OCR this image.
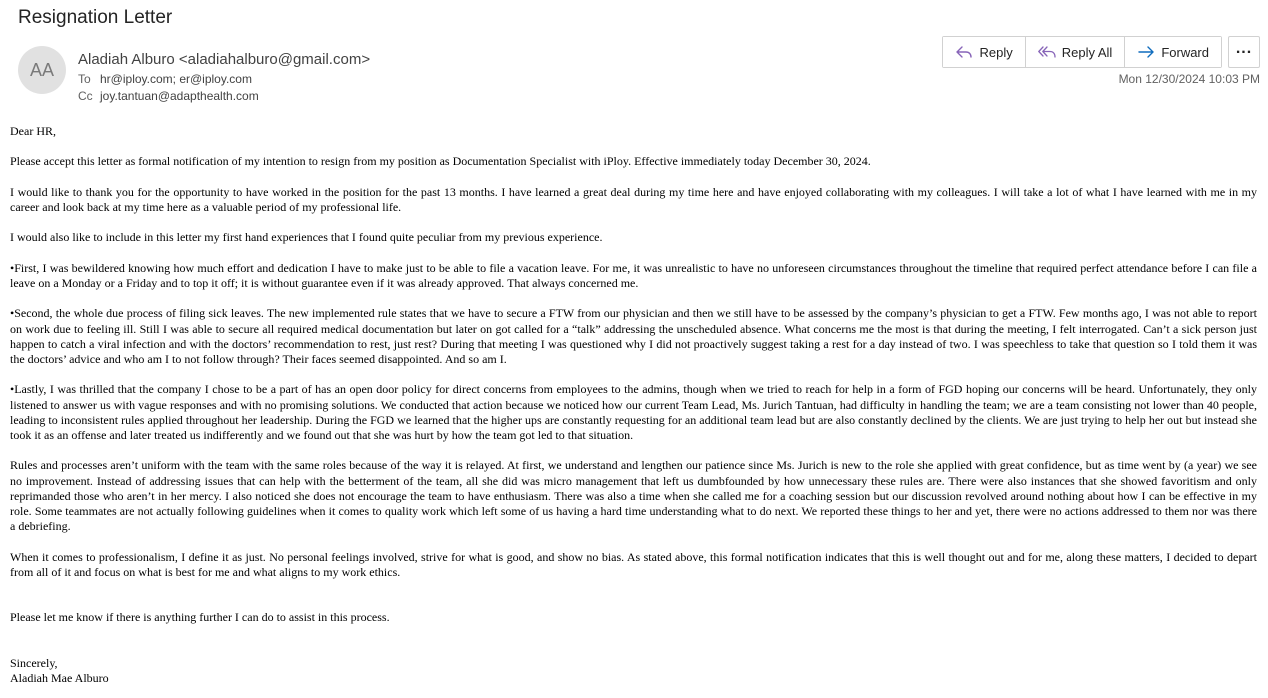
Resignation Letter
AA	Aladiah Alburo <aladiahalburo@gmail.com>
To hr@iploy.com; er@iploy.com
Cc joy.tantuan@adapthealth.com
Reply	Reply All	Forward ...
Mon 12/30/2024 10:03 PM

Dear HR,

Please accept this letter as formal notification of my intention to resign from my position as Documentation Specialist with iPloy. Effective immediately today December 30, 2024.

I would like to thank you for the opportunity to have worked in the position for the past 13 months. I have learned a great deal during my time here and have enjoyed collaborating with my colleagues. I will take a lot of what I have learned with me in my career and look back at my time here as a valuable period of my professional life.

I would also like to include in this letter my first hand experiences that I found quite peculiar from my previous experience.

•First, I was bewildered knowing how much effort and dedication I have to make just to be able to file a vacation leave. For me, it was unrealistic to have no unforeseen circumstances throughout the timeline that required perfect attendance before I can file a leave on a Monday or a Friday and to top it off; it is without guarantee even if it was already approved. That always concerned me.

•Second, the whole due process of filing sick leaves. The new implemented rule states that we have to secure a FTW from our physician and then we still have to be assessed by the company’s physician to get a FTW. Few months ago, I was not able to report on work due to feeling ill. Still I was able to secure all required medical documentation but later on got called for a “talk” addressing the unscheduled absence. What concerns me the most is that during the meeting, I felt interrogated. Can’t a sick person just happen to catch a viral infection and with the doctors’ recommendation to rest, just rest? During that meeting I was questioned why I did not proactively suggest taking a rest for a day instead of two. I was speechless to take that question so I told them it was the doctors’ advice and who am I to not follow through? Their faces seemed disappointed. And so am I.

•Lastly, I was thrilled that the company I chose to be a part of has an open door policy for direct concerns from employees to the admins, though when we tried to reach for help in a form of FGD hoping our concerns will be heard. Unfortunately, they only listened to answer us with vague responses and with no promising solutions. We conducted that action because we noticed how our current Team Lead, Ms. Jurich Tantuan, had difficulty in handling the team; we are a team consisting not lower than 40 people, leading to inconsistent rules applied throughout her leadership. During the FGD we learned that the higher ups are constantly requesting for an additional team lead but are also constantly declined by the clients. We are just trying to help her out but instead she took it as an offense and later treated us indifferently and we found out that she was hurt by how the team got led to that situation.

Rules and processes aren’t uniform with the team with the same roles because of the way it is relayed. At first, we understand and lengthen our patience since Ms. Jurich is new to the role she applied with great confidence, but as time went by (a year) we see no improvement. Instead of addressing issues that can help with the betterment of the team, all she did was micro management that left us dumbfounded by how unnecessary these rules are. There were also instances that she showed favoritism and only reprimanded those who aren’t in her mercy. I also noticed she does not encourage the team to have enthusiasm. There was also a time when she called me for a coaching session but our discussion revolved around nothing about how I can be effective in my role. Some teammates are not actually following guidelines when it comes to quality work which left some of us having a hard time understanding what to do next. We reported these things to her and yet, there were no actions addressed to them nor was there a debriefing.

When it comes to professionalism, I define it as just. No personal feelings involved, strive for what is good, and show no bias. As stated above, this formal notification indicates that this is well thought out and for me, along these matters, I decided to depart from all of it and focus on what is best for me and what aligns to my work ethics.

Please let me know if there is anything further I can do to assist in this process.

Sincerely,

Aladiah Mae Alburo
